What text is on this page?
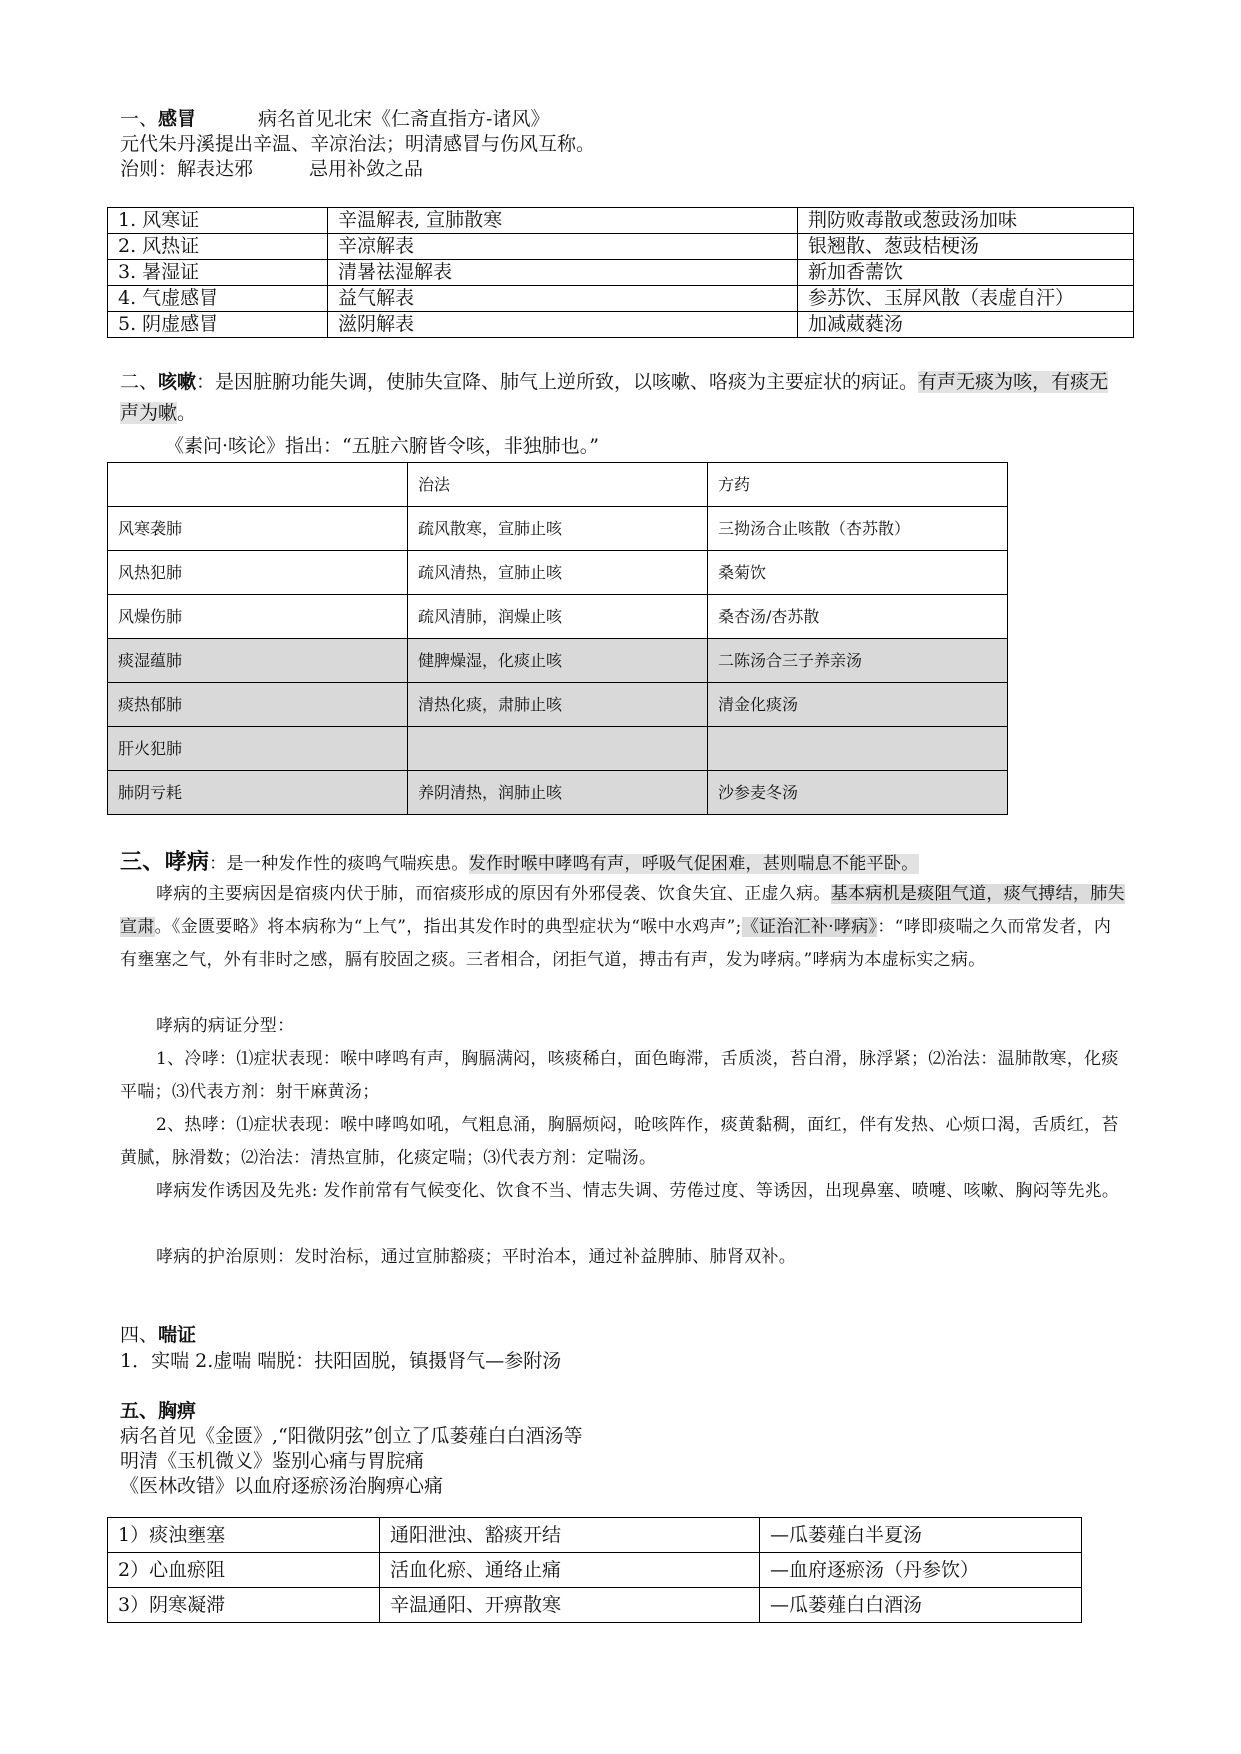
一、感冒	病名首见北宋《仁斋直指方-诸风》
元代朱丹溪提出辛温、辛凉治法；明清感冒与伤风互称。
治则：解表达邪	忌用补敛之品
1. 风寒证	辛温解表, 宣肺散寒	荆防败毒散或葱豉汤加味
2. 风热证	辛凉解表	银翘散、葱豉桔梗汤
3. 暑湿证	清暑祛湿解表	新加香薷饮
4. 气虚感冒	益气解表	参苏饮、玉屏风散（表虚自汗）
5. 阴虚感冒	滋阴解表	加减葳蕤汤
二、咳嗽：是因脏腑功能失调，使肺失宣降、肺气上逆所致，以咳嗽、咯痰为主要症状的病证。有声无痰为咳，有痰无声为嗽。
《素问·咳论》指出：“五脏六腑皆令咳，非独肺也。”
	治法	方药
风寒袭肺	疏风散寒，宣肺止咳	三拗汤合止咳散（杏苏散）
风热犯肺	疏风清热，宣肺止咳	桑菊饮
风燥伤肺	疏风清肺，润燥止咳	桑杏汤/杏苏散
痰湿蕴肺	健脾燥湿，化痰止咳	二陈汤合三子养亲汤
痰热郁肺	清热化痰，肃肺止咳	清金化痰汤
肝火犯肺		
肺阴亏耗	养阴清热，润肺止咳	沙参麦冬汤
三、哮病：是一种发作性的痰鸣气喘疾患。发作时喉中哮鸣有声，呼吸气促困难，甚则喘息不能平卧。
哮病的主要病因是宿痰内伏于肺，而宿痰形成的原因有外邪侵袭、饮食失宜、正虚久病。基本病机是痰阻气道，痰气搏结，肺失宣肃。《金匮要略》将本病称为“上气”，指出其发作时的典型症状为“喉中水鸡声”;《证治汇补·哮病》：“哮即痰喘之久而常发者，内有壅塞之气，外有非时之感，膈有胶固之痰。三者相合，闭拒气道，搏击有声，发为哮病。”哮病为本虚标实之病。
哮病的病证分型：
1、冷哮：⑴症状表现：喉中哮鸣有声，胸膈满闷，咳痰稀白，面色晦滞，舌质淡，苔白滑，脉浮紧；⑵治法：温肺散寒，化痰平喘；⑶代表方剂：射干麻黄汤；
2、热哮：⑴症状表现：喉中哮鸣如吼，气粗息涌，胸膈烦闷，呛咳阵作，痰黄黏稠，面红，伴有发热、心烦口渴，舌质红，苔黄腻，脉滑数；⑵治法：清热宣肺，化痰定喘；⑶代表方剂：定喘汤。
哮病发作诱因及先兆: 发作前常有气候变化、饮食不当、情志失调、劳倦过度、等诱因，出现鼻塞、喷嚏、咳嗽、胸闷等先兆。
哮病的护治原则：发时治标，通过宣肺豁痰；平时治本，通过补益脾肺、肺肾双补。
四、喘证
1．实喘 2.虚喘 喘脱：扶阳固脱，镇摄肾气—参附汤
五、胸痹
病名首见《金匮》,“阳微阴弦”创立了瓜蒌薤白白酒汤等
明清《玉机微义》鉴别心痛与胃脘痛
《医林改错》以血府逐瘀汤治胸痹心痛
1）痰浊壅塞	通阳泄浊、豁痰开结	—瓜蒌薤白半夏汤
2）心血瘀阻	活血化瘀、通络止痛	—血府逐瘀汤（丹参饮）
3）阴寒凝滞	辛温通阳、开痹散寒	—瓜蒌薤白白酒汤
